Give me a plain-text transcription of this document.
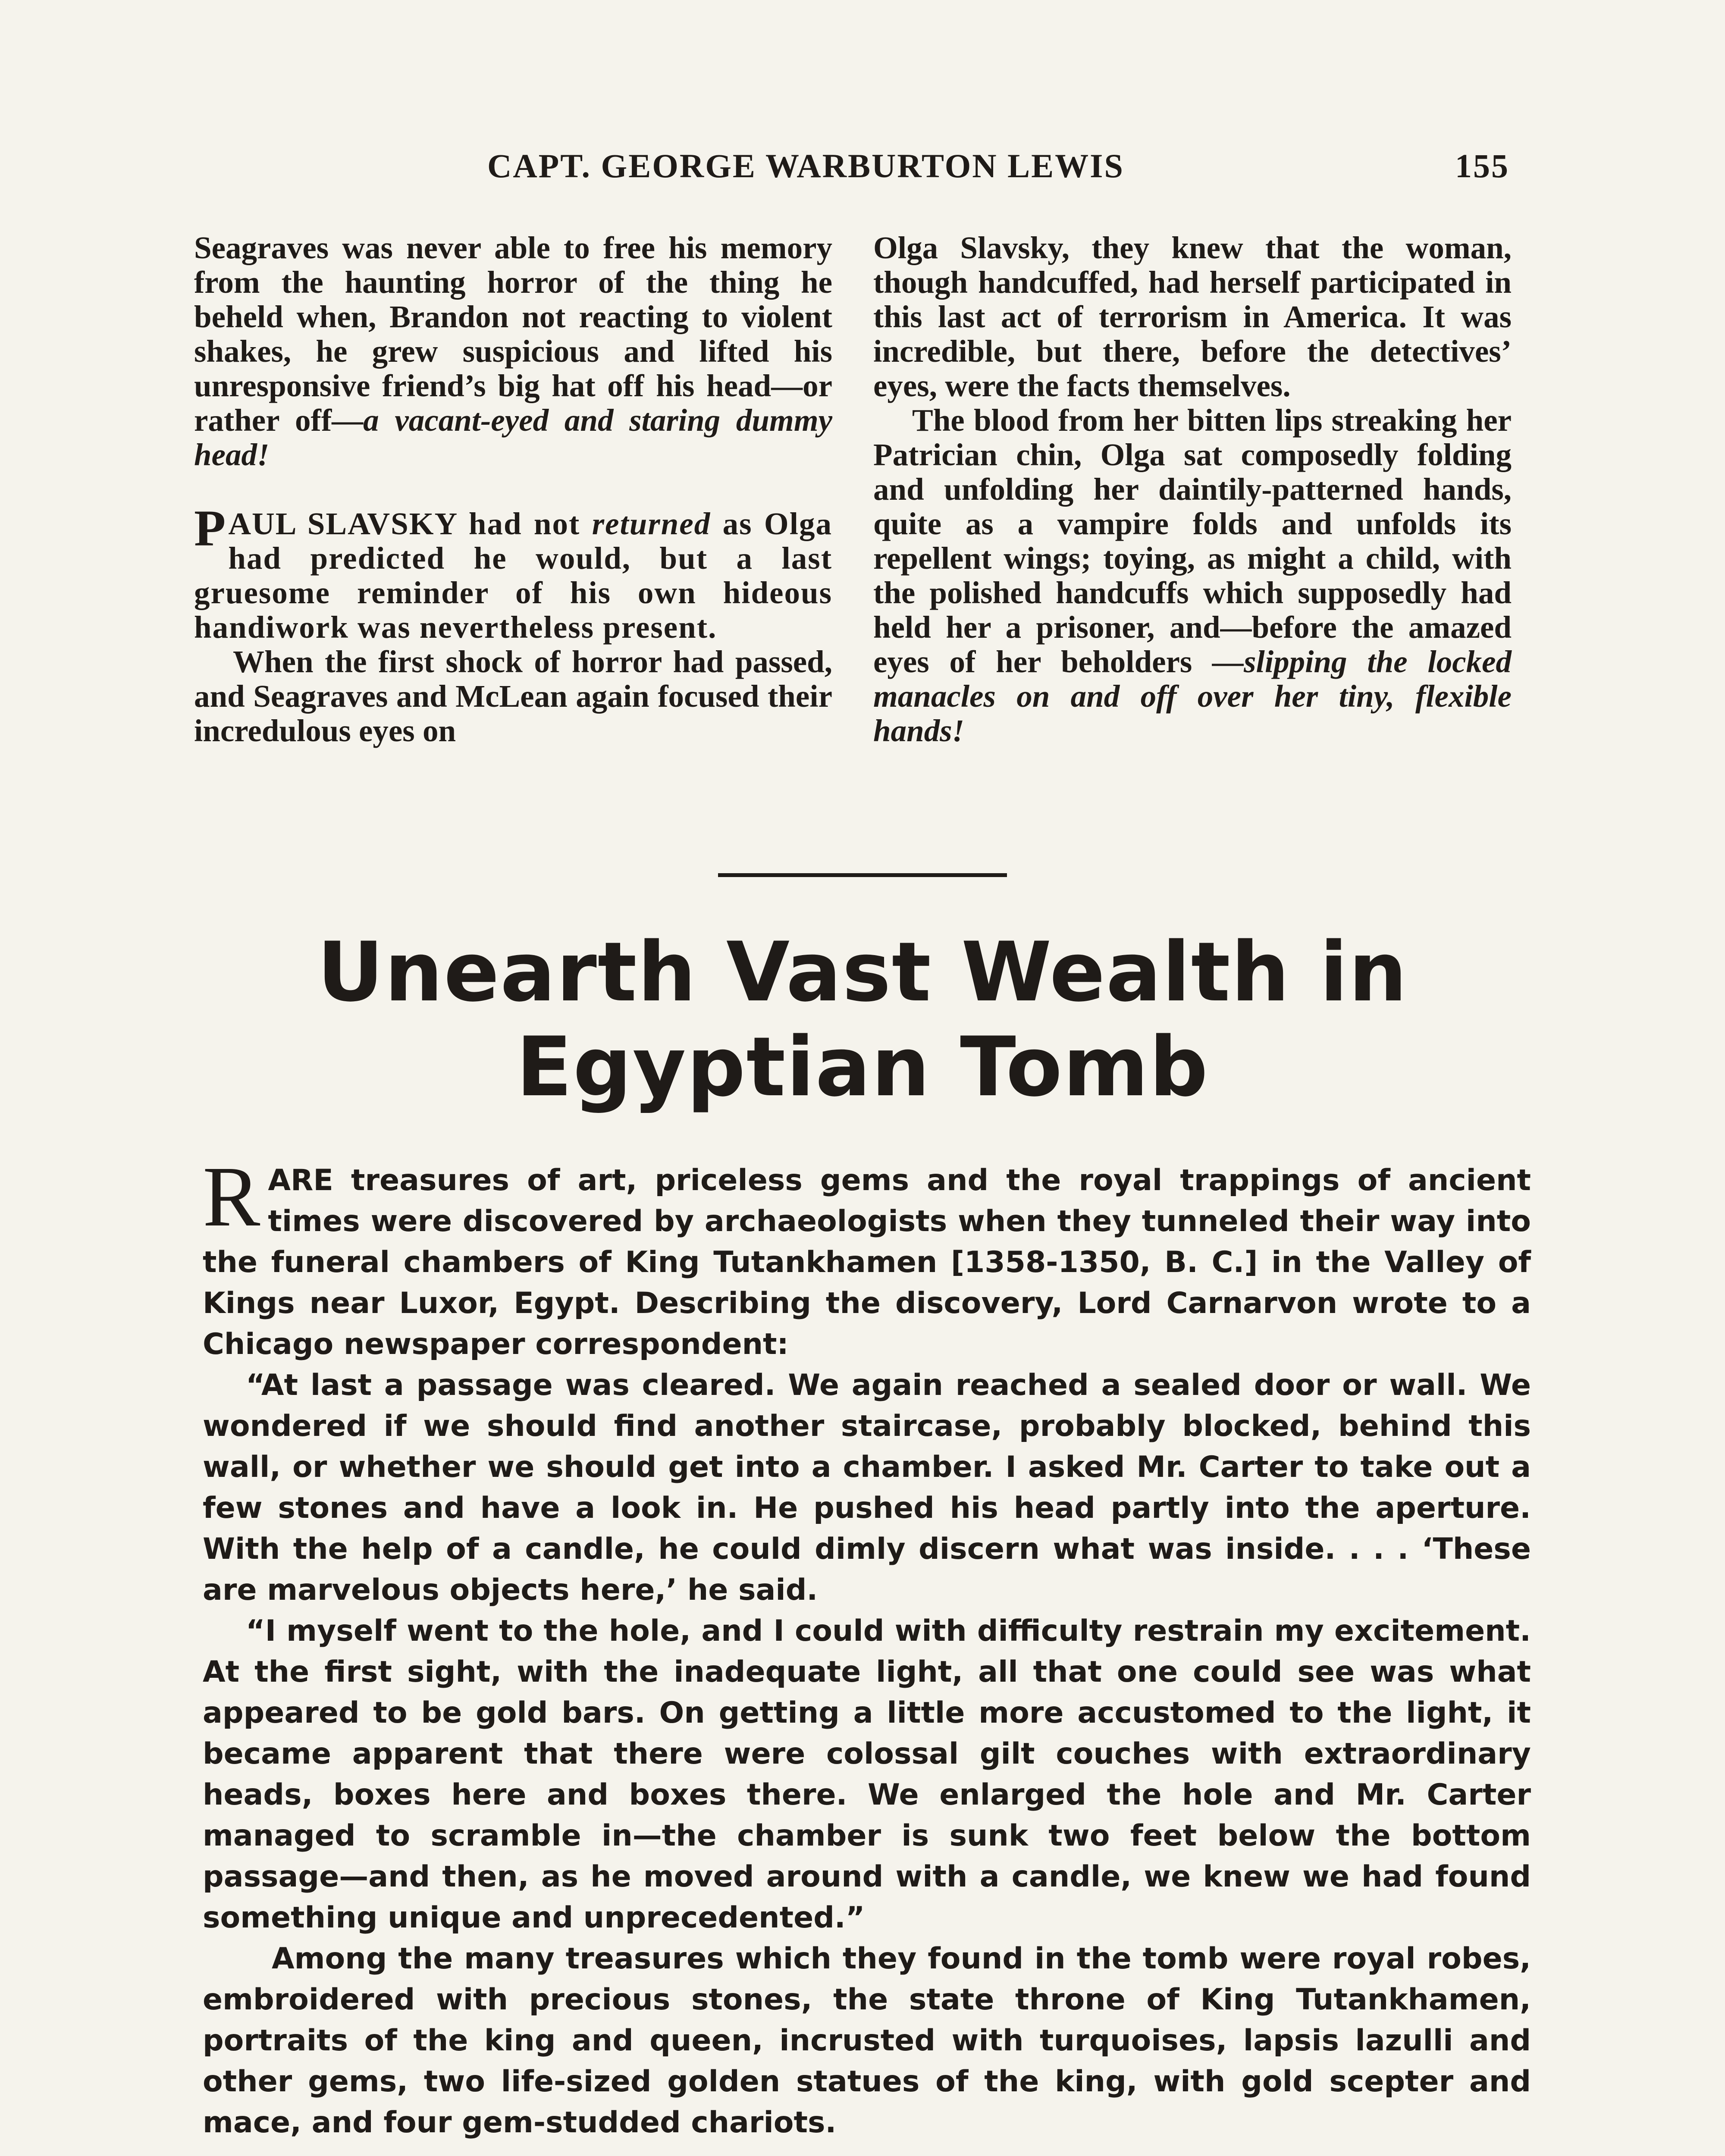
CAPT. GEORGE WARBURTON LEWIS	155

Seagraves was never able to free his memory from the haunting horror of the thing he beheld when, Brandon not reacting to violent shakes, he grew suspicious and lifted his unresponsive friend’s big hat off his head—or rather off—a vacant-eyed and staring dummy head!

PAUL SLAVSKY had not returned as Olga had predicted he would, but a last gruesome reminder of his own hideous handiwork was nevertheless present.

When the first shock of horror had passed, and Seagraves and McLean again focused their incredulous eyes on

Olga Slavsky, they knew that the woman, though handcuffed, had herself participated in this last act of terrorism in America. It was incredible, but there, before the detectives’ eyes, were the facts themselves.

The blood from her bitten lips streaking her Patrician chin, Olga sat composedly folding and unfolding her daintily-patterned hands, quite as a vampire folds and unfolds its repellent wings; toying, as might a child, with the polished handcuffs which supposedly had held her a prisoner, and—before the amazed eyes of her beholders —slipping the locked manacles on and off over her tiny, flexible hands!

Unearth Vast Wealth in
Egyptian Tomb

RARE treasures of art, priceless gems and the royal trappings of ancient times were discovered by archaeologists when they tunneled their way into the funeral chambers of King Tutankhamen [1358-1350, B. C.] in the Valley of Kings near Luxor, Egypt. Describing the discovery, Lord Carnarvon wrote to a Chicago newspaper correspondent:

“At last a passage was cleared. We again reached a sealed door or wall. We wondered if we should find another staircase, probably blocked, behind this wall, or whether we should get into a chamber. I asked Mr. Carter to take out a few stones and have a look in. He pushed his head partly into the aperture. With the help of a candle, he could dimly discern what was inside. . . . ‘These are marvelous objects here,’ he said.

“I myself went to the hole, and I could with difficulty restrain my excitement. At the first sight, with the inadequate light, all that one could see was what appeared to be gold bars. On getting a little more accustomed to the light, it became apparent that there were colossal gilt couches with extraordinary heads, boxes here and boxes there. We enlarged the hole and Mr. Carter managed to scramble in—the chamber is sunk two feet below the bottom passage—and then, as he moved around with a candle, we knew we had found something unique and unprecedented.”

Among the many treasures which they found in the tomb were royal robes, embroidered with precious stones, the state throne of King Tutankhamen, portraits of the king and queen, incrusted with turquoises, lapsis lazulli and other gems, two life-sized golden statues of the king, with gold scepter and mace, and four gem-studded chariots.
